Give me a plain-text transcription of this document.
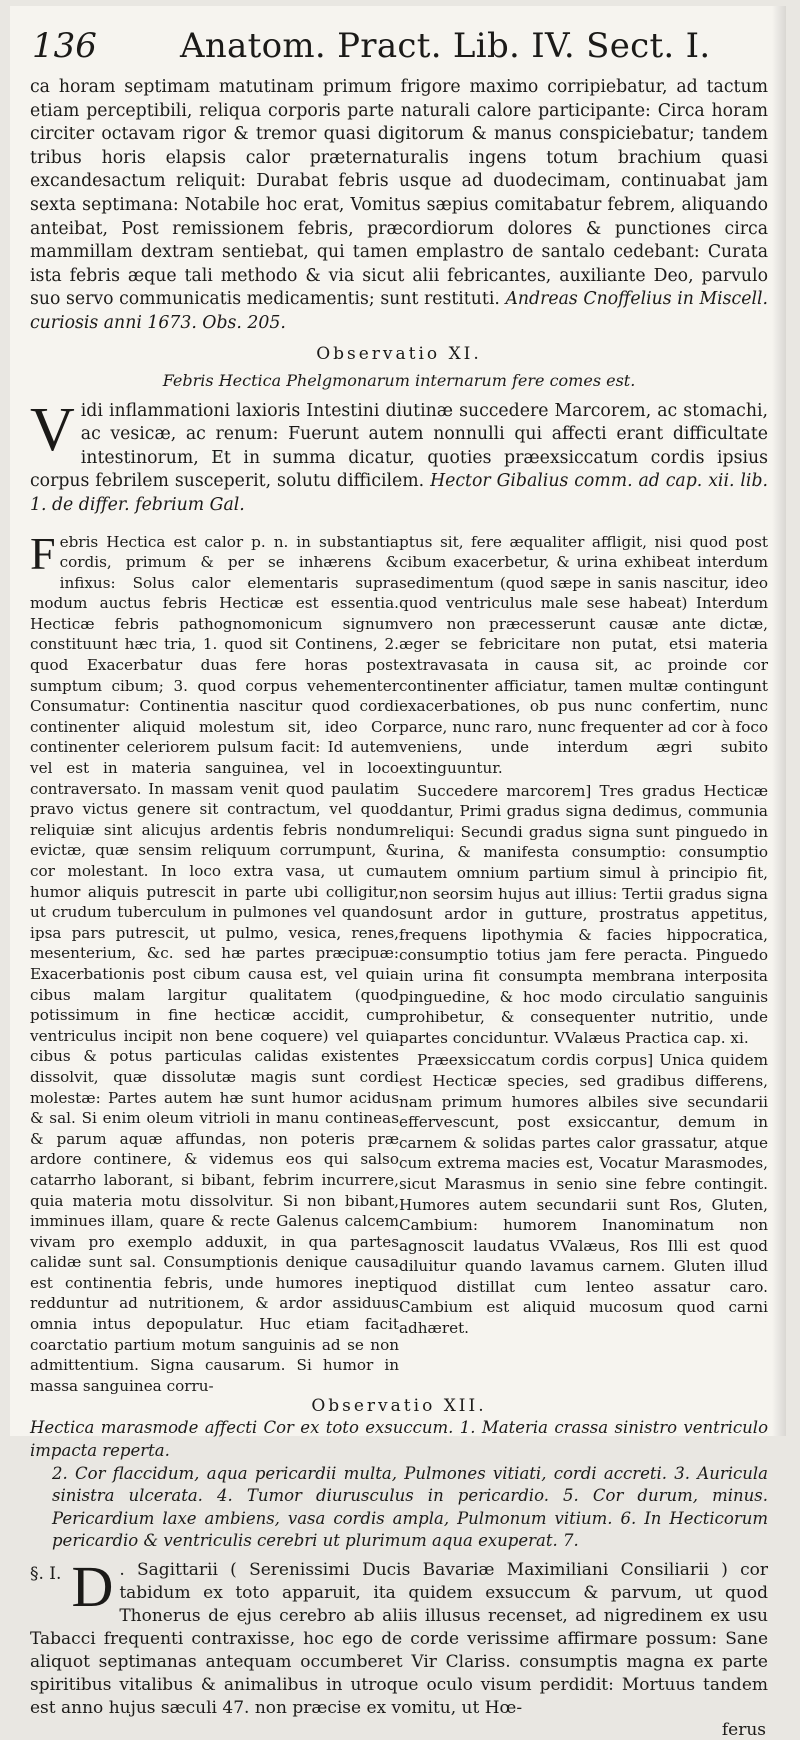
136 Anatom. Pract. Lib. IV. Sect. I.

ca horam septimam matutinam primum frigore maximo corripiebatur, ad tactum etiam perceptibili, reliqua corporis parte naturali calore participante: Circa horam circiter octavam rigor & tremor quasi digitorum & manus conspiciebatur; tandem tribus horis elapsis calor præternaturalis ingens totum brachium quasi excandesactum reliquit: Durabat febris usque ad duodecimam, continuabat jam sexta septimana: Notabile hoc erat, Vomitus sæpius comitabatur febrem, aliquando anteibat, Post remissionem febris, præcordiorum dolores & punctiones circa mammillam dextram sentiebat, qui tamen emplastro de santalo cedebant: Curata ista febris æque tali methodo & via sicut alii febricantes, auxiliante Deo, parvulo suo servo communicatis medicamentis; sunt restituti. Andreas Cnoffelius in Miscell. curiosis anni 1673. Obs. 205.

Observatio XI.
Febris Hectica Phelgmonarum internarum fere comes est.

Vidi inflammationi laxioris Intestini diutinæ succedere Marcorem, ac stomachi, ac vesicæ, ac renum: Fuerunt autem nonnulli qui affecti erant difficultate intestinorum, Et in summa dicatur, quoties præexsiccatum cordis ipsius corpus febrilem susceperit, solutu difficilem. Hector Gibalius comm. ad cap. xii. lib. 1. de differ. febrium Gal.

Febris Hectica est calor p. n. in substantia cordis, primum & per se inhærens & infixus: Solus calor elementaris supra modum auctus febris Hecticæ est essentia. Hecticæ febris pathognomonicum signum constituunt hæc tria, 1. quod sit Continens, 2. quod Exacerbatur duas fere horas post sumptum cibum; 3. quod corpus vehementer Consumatur: Continentia nascitur quod cordi continenter aliquid molestum sit, ideo Cor continenter celeriorem pulsum facit: Id autem vel est in materia sanguinea, vel in loco contraversato. In massam venit quod paulatim pravo victus genere sit contractum, vel quod reliquiæ sint alicujus ardentis febris nondum evictæ, quæ sensim reliquum corrumpunt, & cor molestant. In loco extra vasa, ut cum humor aliquis putrescit in parte ubi colligitur, ut crudum tuberculum in pulmones vel quando ipsa pars putrescit, ut pulmo, vesica, renes, mesenterium, &c. sed hæ partes præcipuæ: Exacerbationis post cibum causa est, vel quia cibus malam largitur qualitatem (quod potissimum in fine hecticæ accidit, cum ventriculus incipit non bene coquere) vel quia cibus & potus particulas calidas existentes dissolvit, quæ dissolutæ magis sunt cordi molestæ: Partes autem hæ sunt humor acidus & sal. Si enim oleum vitrioli in manu contineas & parum aquæ affundas, non poteris præ ardore continere, & videmus eos qui salso catarrho laborant, si bibant, febrim incurrere, quia materia motu dissolvitur. Si non bibant, imminues illam, quare & recte Galenus calcem vivam pro exemplo adduxit, in qua partes calidæ sunt sal. Consumptionis denique causa est continentia febris, unde humores inepti redduntur ad nutritionem, & ardor assiduus omnia intus depopulatur. Huc etiam facit coarctatio partium motum sanguinis ad se non admittentium. Signa causarum. Si humor in massa sanguinea corru-

ptus sit, fere æqualiter affligit, nisi quod post cibum exacerbetur, & urina exhibeat interdum sedimentum (quod sæpe in sanis nascitur, ideo quod ventriculus male sese habeat) Interdum vero non præcesserunt causæ ante dictæ, æger se febricitare non putat, etsi materia extravasata in causa sit, ac proinde cor continenter afficiatur, tamen multæ contingunt exacerbationes, ob pus nunc confertim, nunc parce, nunc raro, nunc frequenter ad cor à foco veniens, unde interdum ægri subito extinguuntur.

Succedere marcorem] Tres gradus Hecticæ dantur, Primi gradus signa dedimus, communia reliqui: Secundi gradus signa sunt pinguedo in urina, & manifesta consumptio: consumptio autem omnium partium simul à principio fit, non seorsim hujus aut illius: Tertii gradus signa sunt ardor in gutture, prostratus appetitus, frequens lipothymia & facies hippocratica, consumptio totius jam fere peracta. Pinguedo in urina fit consumpta membrana interposita pinguedine, & hoc modo circulatio sanguinis prohibetur, & consequenter nutritio, unde partes conciduntur. VValæus Practica cap. xi.

Præexsiccatum cordis corpus] Unica quidem est Hecticæ species, sed gradibus differens, nam primum humores albiles sive secundarii effervescunt, post exsiccantur, demum in carnem & solidas partes calor grassatur, atque cum extrema macies est, Vocatur Marasmodes, sicut Marasmus in senio sine febre contingit. Humores autem secundarii sunt Ros, Gluten, Cambium: humorem Inanominatum non agnoscit laudatus VValæus, Ros Illi est quod diluitur quando lavamus carnem. Gluten illud quod distillat cum lenteo assatur caro. Cambium est aliquid mucosum quod carni adhæret.

Observatio XII.
Hectica marasmode affecti Cor ex toto exsuccum. 1. Materia crassa sinistro ventriculo impacta reperta.
2. Cor flaccidum, aqua pericardii multa, Pulmones vitiati, cordi accreti. 3. Auricula sinistra ulcerata. 4. Tumor diurusculus in pericardio. 5. Cor durum, minus. Pericardium laxe ambiens, vasa cordis ampla, Pulmonum vitium. 6. In Hecticorum pericardio & ventriculis cerebri ut plurimum aqua exuperat. 7.

§. I. D . Sagittarii ( Serenissimi Ducis Bavariæ Maximiliani Consiliarii ) cor tabidum ex toto apparuit, ita quidem exsuccum & parvum, ut quod Thonerus de ejus cerebro ab aliis illusus recenset, ad nigredinem ex usu Tabacci frequenti contraxisse, hoc ego de corde verissime affirmare possum: Sane aliquot septimanas antequam occumberet Vir Clariss. consumptis magna ex parte spiritibus vitalibus & animalibus in utroque oculo visum perdidit: Mortuus tandem est anno hujus sæculi 47. non præcise ex vomitu, ut Hœ-

ferus
